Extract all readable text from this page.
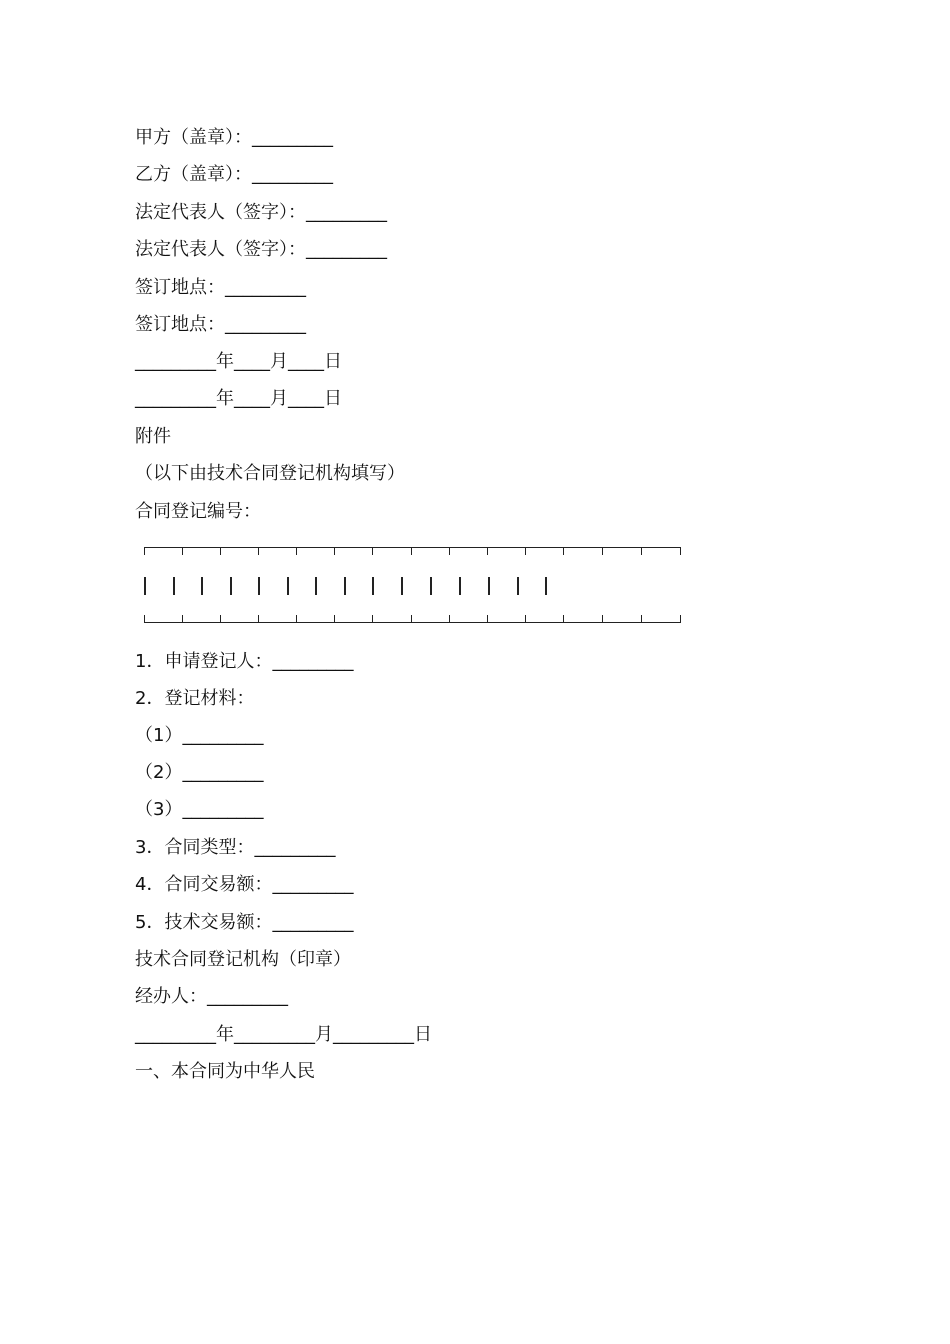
甲方（盖章）：_________
乙方（盖章）：_________
法定代表人（签字）：_________
法定代表人（签字）：_________
签订地点：_________
签订地点：_________
_________年____月____日
_________年____月____日
附件
（以下由技术合同登记机构填写）
合同登记编号：
1．申请登记人：_________
2．登记材料：
（1）_________
（2）_________
（3）_________
3．合同类型：_________
4．合同交易额：_________
5．技术交易额：_________
技术合同登记机构（印章）
经办人：_________
_________年_________月_________日
一、本合同为中华人民
